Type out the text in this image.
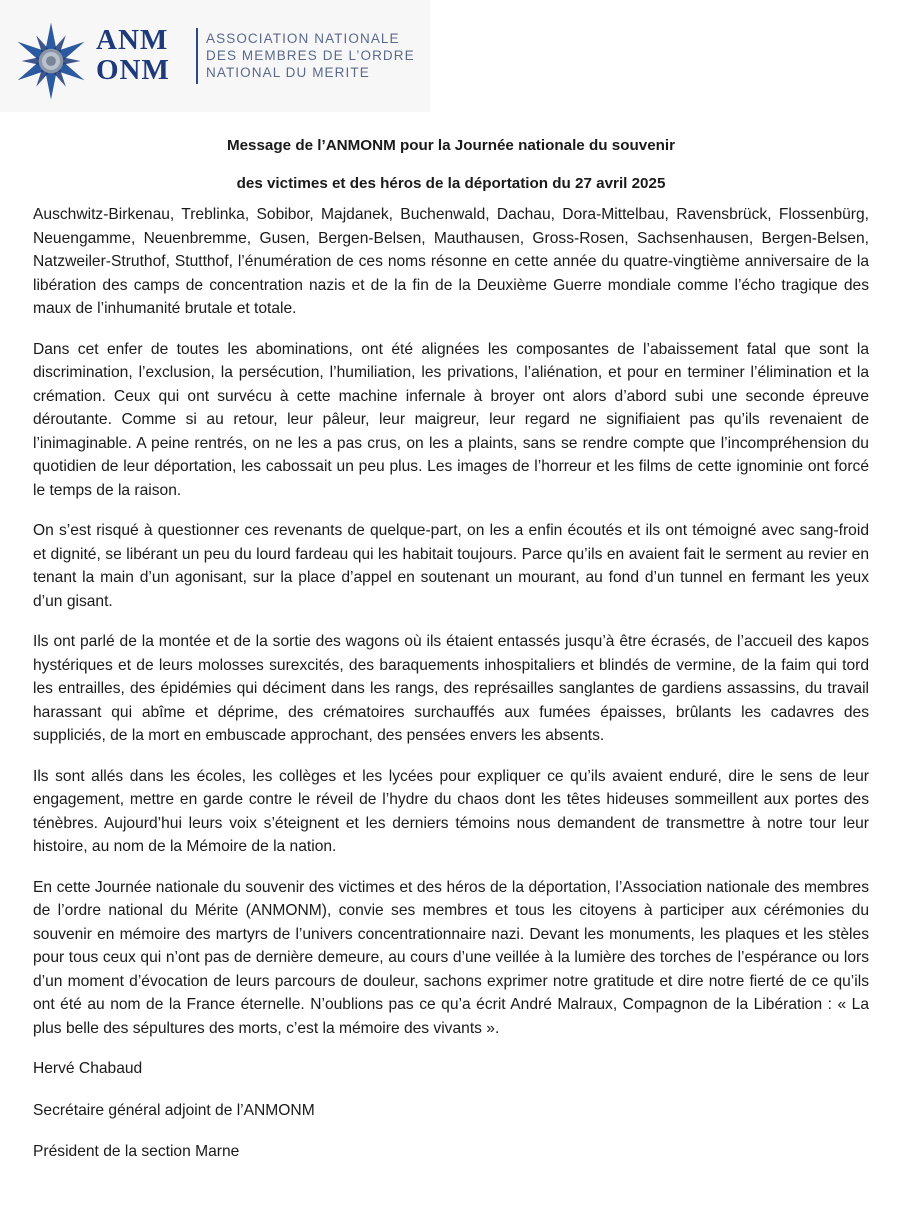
ANM
ONM
ASSOCIATION NATIONALE
DES MEMBRES DE L’ORDRE
NATIONAL DU MERITE

Message de l’ANMONM pour la Journée nationale du souvenir

des victimes et des héros de la déportation du 27 avril 2025

Auschwitz-Birkenau, Treblinka, Sobibor, Majdanek, Buchenwald, Dachau, Dora-Mittelbau, Ravensbrück, Flossenbürg, Neuengamme, Neuenbremme, Gusen, Bergen-Belsen, Mauthausen, Gross-Rosen, Sachsenhausen, Bergen-Belsen, Natzweiler-Struthof, Stutthof, l’énumération de ces noms résonne en cette année du quatre-vingtième anniversaire de la libération des camps de concentration nazis et de la fin de la Deuxième Guerre mondiale comme l’écho tragique des maux de l’inhumanité brutale et totale.

Dans cet enfer de toutes les abominations, ont été alignées les composantes de l’abaissement fatal que sont la discrimination, l’exclusion, la persécution, l’humiliation, les privations, l’aliénation, et pour en terminer l’élimination et la crémation. Ceux qui ont survécu à cette machine infernale à broyer ont alors d’abord subi une seconde épreuve déroutante. Comme si au retour, leur pâleur, leur maigreur, leur regard ne signifiaient pas qu’ils revenaient de l’inimaginable. A peine rentrés, on ne les a pas crus, on les a plaints, sans se rendre compte que l’incompréhension du quotidien de leur déportation, les cabossait un peu plus. Les images de l’horreur et les films de cette ignominie ont forcé le temps de la raison.

On s’est risqué à questionner ces revenants de quelque-part, on les a enfin écoutés et ils ont témoigné avec sang-froid et dignité, se libérant un peu du lourd fardeau qui les habitait toujours. Parce qu’ils en avaient fait le serment au revier en tenant la main d’un agonisant, sur la place d’appel en soutenant un mourant, au fond d’un tunnel en fermant les yeux d’un gisant.

Ils ont parlé de la montée et de la sortie des wagons où ils étaient entassés jusqu’à être écrasés, de l’accueil des kapos hystériques et de leurs molosses surexcités, des baraquements inhospitaliers et blindés de vermine, de la faim qui tord les entrailles, des épidémies qui déciment dans les rangs, des représailles sanglantes de gardiens assassins, du travail harassant qui abîme et déprime, des crématoires surchauffés aux fumées épaisses, brûlants les cadavres des suppliciés, de la mort en embuscade approchant, des pensées envers les absents.

Ils sont allés dans les écoles, les collèges et les lycées pour expliquer ce qu’ils avaient enduré, dire le sens de leur engagement, mettre en garde contre le réveil de l’hydre du chaos dont les têtes hideuses sommeillent aux portes des ténèbres. Aujourd’hui leurs voix s’éteignent et les derniers témoins nous demandent de transmettre à notre tour leur histoire, au nom de la Mémoire de la nation.

En cette Journée nationale du souvenir des victimes et des héros de la déportation, l’Association nationale des membres de l’ordre national du Mérite (ANMONM), convie ses membres et tous les citoyens à participer aux cérémonies du souvenir en mémoire des martyrs de l’univers concentrationnaire nazi. Devant les monuments, les plaques et les stèles pour tous ceux qui n’ont pas de dernière demeure, au cours d’une veillée à la lumière des torches de l’espérance ou lors d’un moment d’évocation de leurs parcours de douleur, sachons exprimer notre gratitude et dire notre fierté de ce qu’ils ont été au nom de la France éternelle. N’oublions pas ce qu’a écrit André Malraux, Compagnon de la Libération : « La plus belle des sépultures des morts, c’est la mémoire des vivants ».

Hervé Chabaud

Secrétaire général adjoint de l’ANMONM

Président de la section Marne
